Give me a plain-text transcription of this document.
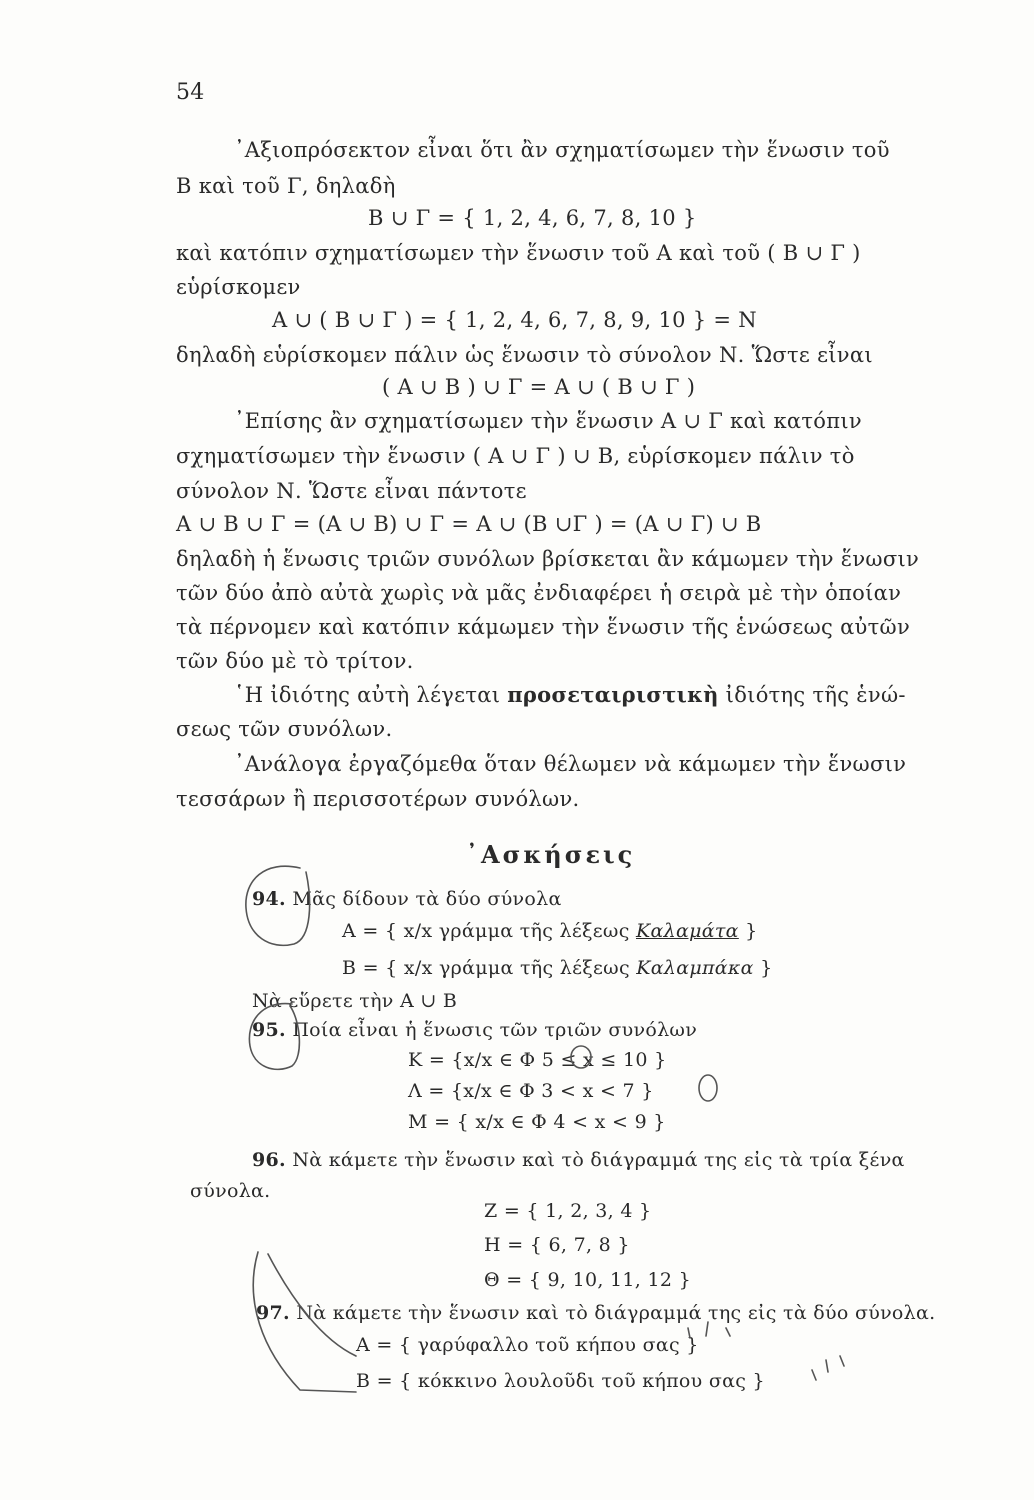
54
᾿Αξιοπρόσεκτον εἶναι ὅτι ἂν σχηματίσωμεν τὴν ἕνωσιν τοῦ
Β καὶ τοῦ Γ, δηλαδὴ
Β ∪ Γ = { 1, 2, 4, 6, 7, 8, 10 }
καὶ κατόπιν σχηματίσωμεν τὴν ἕνωσιν τοῦ Α καὶ τοῦ ( Β ∪ Γ )
εὑρίσκομεν
Α ∪ ( Β ∪ Γ ) = { 1, 2, 4, 6, 7, 8, 9, 10 } = Ν
δηλαδὴ εὑρίσκομεν πάλιν ὡς ἕνωσιν τὸ σύνολον Ν. Ὥστε εἶναι
( Α ∪ Β ) ∪ Γ = Α ∪ ( Β ∪ Γ )
᾿Επίσης ἂν σχηματίσωμεν τὴν ἕνωσιν Α ∪ Γ καὶ κατόπιν
σχηματίσωμεν τὴν ἕνωσιν ( Α ∪ Γ ) ∪ Β, εὑρίσκομεν πάλιν τὸ
σύνολον Ν. Ὥστε εἶναι πάντοτε
Α ∪ Β ∪ Γ = (Α ∪ Β) ∪ Γ = Α ∪ (Β ∪Γ ) = (Α ∪ Γ) ∪ Β
δηλαδὴ ἡ ἕνωσις τριῶν συνόλων βρίσκεται ἂν κάμωμεν τὴν ἕνωσιν
τῶν δύο ἀπὸ αὐτὰ χωρὶς νὰ μᾶς ἐνδιαφέρει ἡ σειρὰ μὲ τὴν ὁποίαν
τὰ πέρνομεν καὶ κατόπιν κάμωμεν τὴν ἕνωσιν τῆς ἑνώσεως αὐτῶν
τῶν δύο μὲ τὸ τρίτον.
῾Η ἰδιότης αὐτὴ λέγεται προσεταιριστικὴ ἰδιότης τῆς ἑνώ-
σεως τῶν συνόλων.
᾿Ανάλογα ἐργαζόμεθα ὅταν θέλωμεν νὰ κάμωμεν τὴν ἕνωσιν
τεσσάρων ἢ περισσοτέρων συνόλων.
᾿Ασκήσεις
94. Μᾶς δίδουν τὰ δύο σύνολα
Α = { x/x γράμμα τῆς λέξεως Καλαμάτα }
Β = { x/x γράμμα τῆς λέξεως Καλαμπάκα }
Νὰ εὕρετε τὴν Α ∪ Β
95. Ποία εἶναι ἡ ἕνωσις τῶν τριῶν συνόλων
Κ = {x/x ∈ Φ 5 ≤ x ≤ 10 }
Λ = {x/x ∈ Φ 3 < x < 7 }
Μ = { x/x ∈ Φ 4 < x < 9 }
96. Νὰ κάμετε τὴν ἕνωσιν καὶ τὸ διάγραμμά της εἰς τὰ τρία ξένα
σύνολα.
Ζ = { 1, 2, 3, 4 }
Η = { 6, 7, 8 }
Θ = { 9, 10, 11, 12 }
97. Νὰ κάμετε τὴν ἕνωσιν καὶ τὸ διάγραμμά της εἰς τὰ δύο σύνολα.
Α = { γαρύφαλλο τοῦ κήπου σας }
Β = { κόκκινο λουλοῦδι τοῦ κήπου σας }
